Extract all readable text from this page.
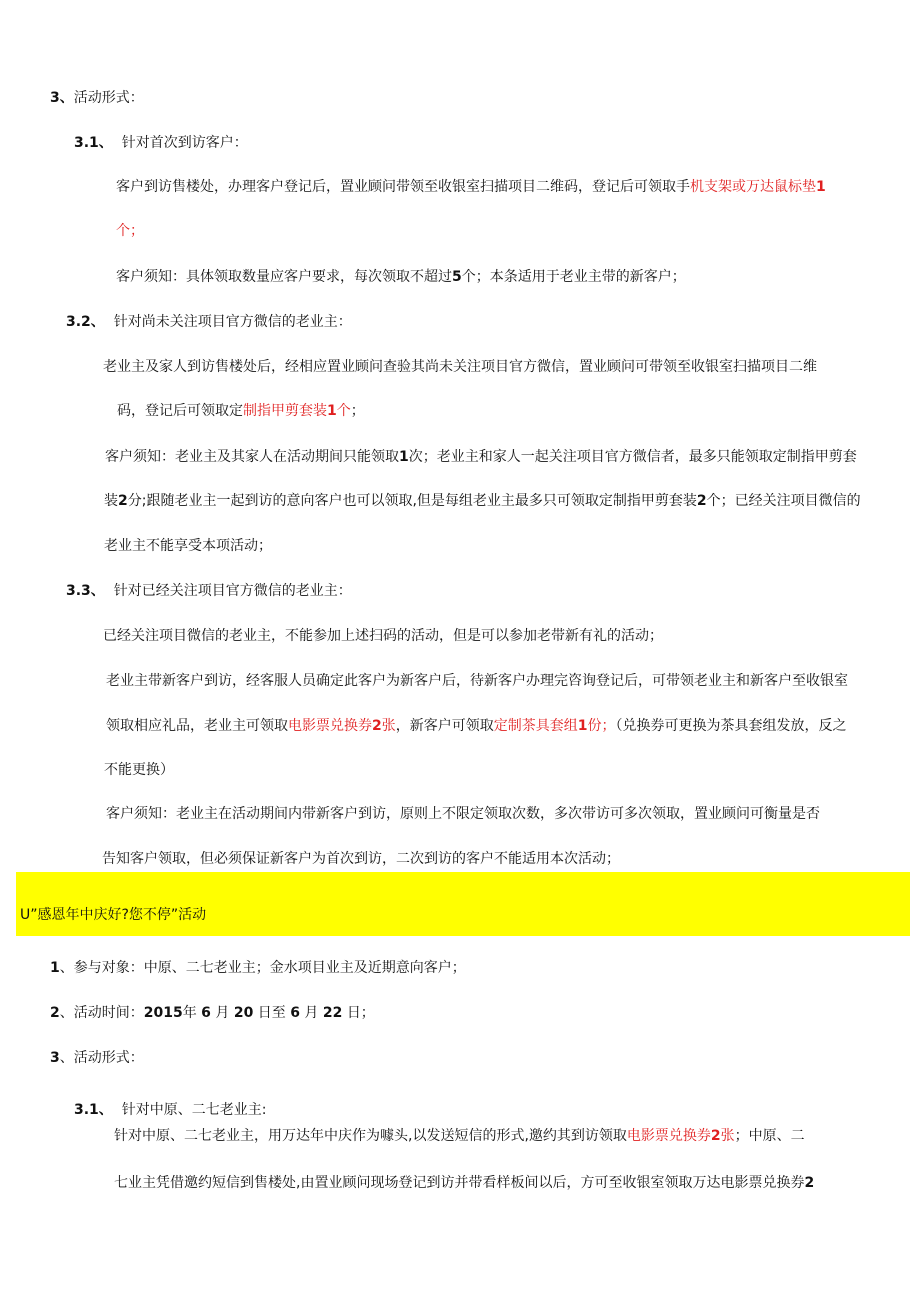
3、活动形式：
3.1、 针对首次到访客户：
客户到访售楼处，办理客户登记后，置业顾问带领至收银室扫描项目二维码，登记后可领取手机支架或万达鼠标垫1
个；
客户须知：具体领取数量应客户要求，每次领取不超过5个；本条适用于老业主带的新客户；
3.2、 针对尚未关注项目官方微信的老业主：
老业主及家人到访售楼处后，经相应置业顾问查验其尚未关注项目官方微信，置业顾问可带领至收银室扫描项目二维
码，登记后可领取定制指甲剪套装1个；
客户须知：老业主及其家人在活动期间只能领取1次；老业主和家人一起关注项目官方微信者，最多只能领取定制指甲剪套
装2分;跟随老业主一起到访的意向客户也可以领取,但是每组老业主最多只可领取定制指甲剪套装2个；已经关注项目微信的
老业主不能享受本项活动；
3.3、 针对已经关注项目官方微信的老业主：
已经关注项目微信的老业主，不能参加上述扫码的活动，但是可以参加老带新有礼的活动；
老业主带新客户到访，经客服人员确定此客户为新客户后，待新客户办理完咨询登记后，可带领老业主和新客户至收银室
领取相应礼品，老业主可领取电影票兑换券2张，新客户可领取定制茶具套组1份；（兑换券可更换为茶具套组发放，反之
不能更换）
客户须知：老业主在活动期间内带新客户到访，原则上不限定领取次数，多次带访可多次领取，置业顾问可衡量是否
告知客户领取，但必须保证新客户为首次到访，二次到访的客户不能适用本次活动；
U”感恩年中庆好?您不停”活动
1、参与对象：中原、二七老业主；金水项目业主及近期意向客户；
2、活动时间：2015年 6 月 20 日至 6 月 22 日；
3、活动形式：
3.1、 针对中原、二七老业主:
针对中原、二七老业主，用万达年中庆作为噱头,以发送短信的形式,邀约其到访领取电影票兑换券2张；中原、二
七业主凭借邀约短信到售楼处,由置业顾问现场登记到访并带看样板间以后，方可至收银室领取万达电影票兑换券2
